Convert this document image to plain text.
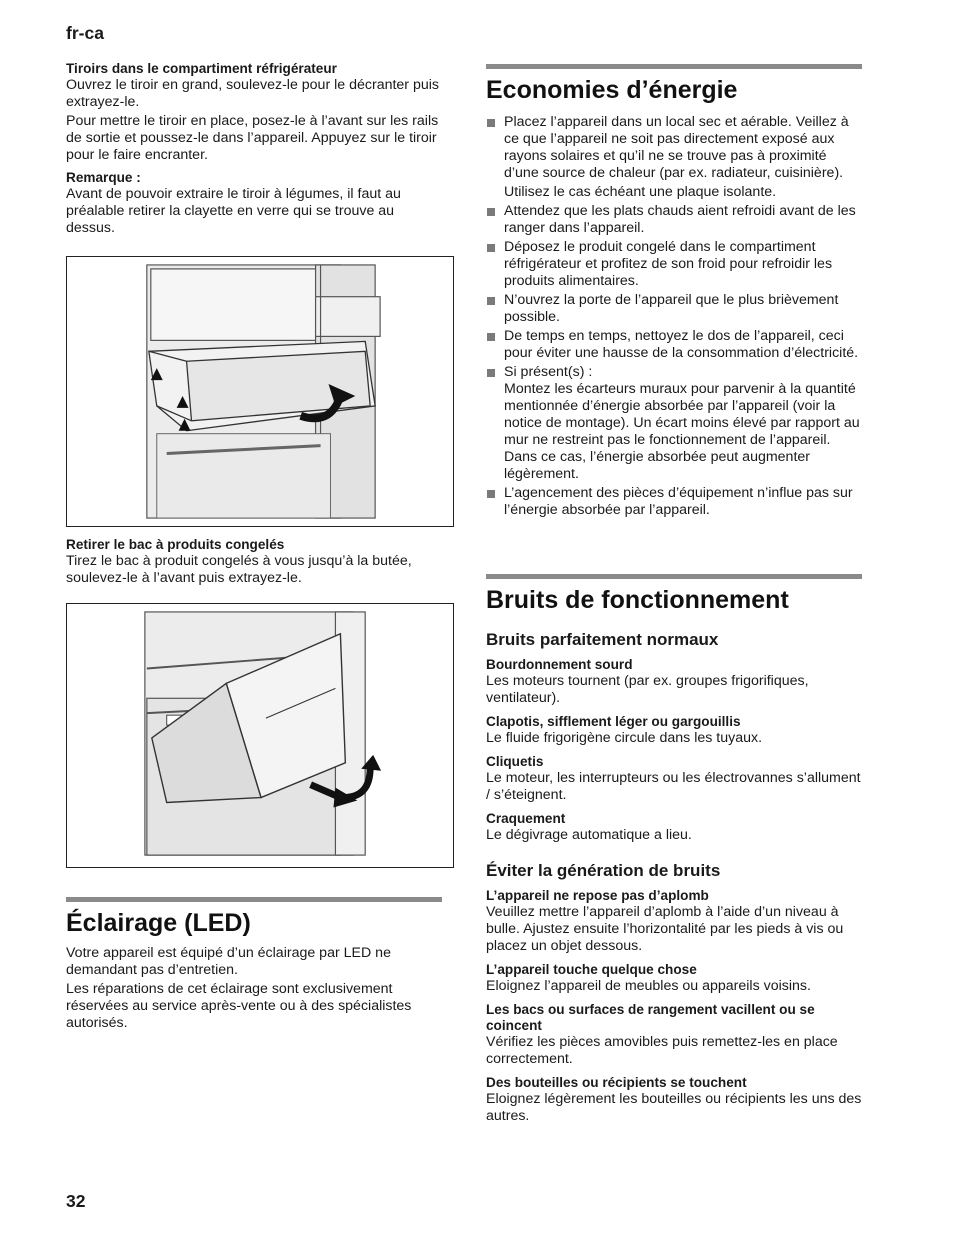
fr-ca
32
Tiroirs dans le compartiment réfrigérateur

Ouvrez le tiroir en grand, soulevez-le pour le décranter puis extrayez-le.

Pour mettre le tiroir en place, posez-le à l’avant sur les rails de sortie et poussez-le dans l’appareil. Appuyez sur le tiroir pour le faire encranter.

Remarque :

Avant de pouvoir extraire le tiroir à légumes, il faut au préalable retirer la clayette en verre qui se trouve au dessus.

Retirer le bac à produits congelés

Tirez le bac à produit congelés à vous jusqu’à la butée, soulevez-le à l’avant puis extrayez-le.

Éclairage (LED)

Votre appareil est équipé d’un éclairage par LED ne demandant pas d’entretien.

Les réparations de cet éclairage sont exclusivement réservées au service après-vente ou à des spécialistes autorisés.

Economies d’énergie

Placez l’appareil dans un local sec et aérable. Veillez à ce que l’appareil ne soit pas directement exposé aux rayons solaires et qu’il ne se trouve pas à proximité d’une source de chaleur (par ex. radiateur, cuisinière).

Utilisez le cas échéant une plaque isolante.

Attendez que les plats chauds aient refroidi avant de les ranger dans l’appareil.

Déposez le produit congelé dans le compartiment réfrigérateur et profitez de son froid pour refroidir les produits alimentaires.

N’ouvrez la porte de l’appareil que le plus brièvement possible.

De temps en temps, nettoyez le dos de l’appareil, ceci pour éviter une hausse de la consommation d’électricité.

Si présent(s) :

Montez les écarteurs muraux pour parvenir à la quantité mentionnée d’énergie absorbée par l’appareil (voir la notice de montage). Un écart moins élevé par rapport au mur ne restreint pas le fonctionnement de l’appareil. Dans ce cas, l’énergie absorbée peut augmenter légèrement.

L’agencement des pièces d’équipement n’influe pas sur l’énergie absorbée par l’appareil.

Bruits de fonctionnement
Bruits parfaitement normaux
Bourdonnement sourd

Les moteurs tournent (par ex. groupes frigorifiques, ventilateur).

Clapotis, sifflement léger ou gargouillis

Le fluide frigorigène circule dans les tuyaux.

Cliquetis

Le moteur, les interrupteurs ou les électrovannes s’allument / s’éteignent.

Craquement

Le dégivrage automatique a lieu.

Éviter la génération de bruits
L’appareil ne repose pas d’aplomb

Veuillez mettre l’appareil d’aplomb à l’aide d’un niveau à bulle. Ajustez ensuite l’horizontalité par les pieds à vis ou placez un objet dessous.

L’appareil touche quelque chose

Eloignez l’appareil de meubles ou appareils voisins.

Les bacs ou surfaces de rangement vacillent ou se coincent

Vérifiez les pièces amovibles puis remettez-les en place correctement.

Des bouteilles ou récipients se touchent

Eloignez légèrement les bouteilles ou récipients les uns des autres.
